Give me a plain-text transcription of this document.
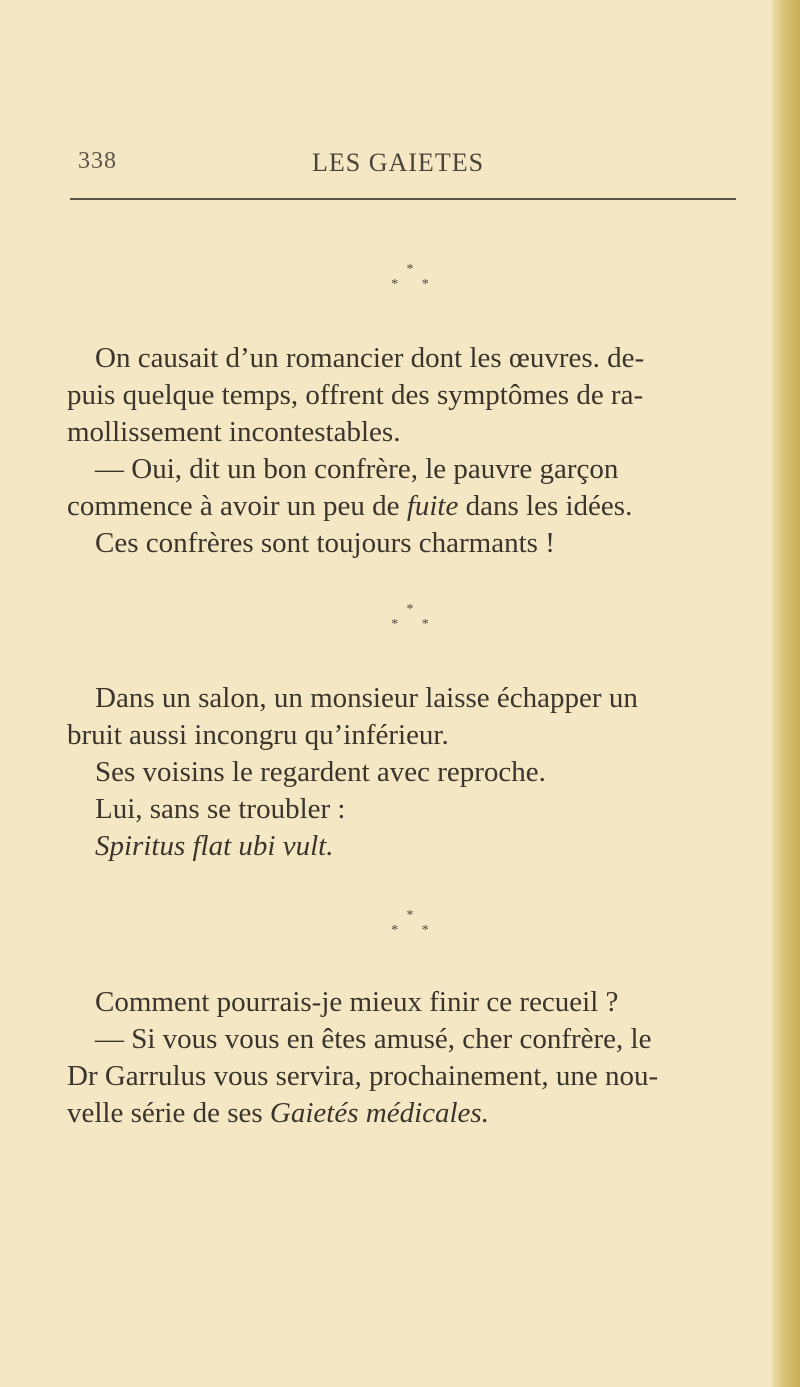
338	LES GAIETES
*
* *
On causait d’un romancier dont les œuvres. de-
puis quelque temps, offrent des symptômes de ra-
mollissement incontestables.
— Oui, dit un bon confrère, le pauvre garçon
commence à avoir un peu de fuite dans les idées.
Ces confrères sont toujours charmants !
*
* *
Dans un salon, un monsieur laisse échapper un
bruit aussi incongru qu’inférieur.
Ses voisins le regardent avec reproche.
Lui, sans se troubler :
Spiritus flat ubi vult.
*
* *
Comment pourrais-je mieux finir ce recueil ?
— Si vous vous en êtes amusé, cher confrère, le
Dr Garrulus vous servira, prochainement, une nou-
velle série de ses Gaietés médicales.
